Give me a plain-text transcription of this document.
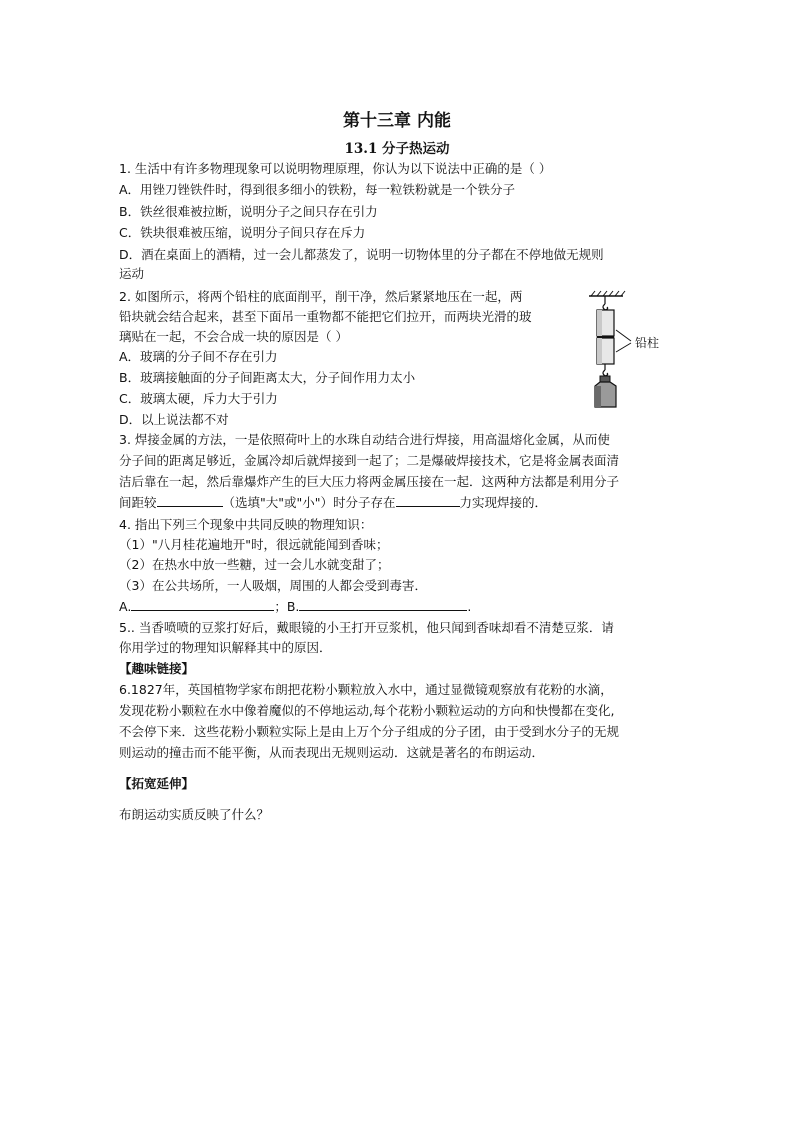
第十三章 内能
13.1 分子热运动
1. 生活中有许多物理现象可以说明物理原理，你认为以下说法中正确的是（ ）
A．用锉刀锉铁件时，得到很多细小的铁粉，每一粒铁粉就是一个铁分子
B．铁丝很难被拉断，说明分子之间只存在引力
C．铁块很难被压缩，说明分子间只存在斥力
D．酒在桌面上的酒精，过一会儿都蒸发了，说明一切物体里的分子都在不停地做无规则
运动
2. 如图所示，将两个铅柱的底面削平，削干净，然后紧紧地压在一起，两
铅块就会结合起来，甚至下面吊一重物都不能把它们拉开，而两块光滑的玻
璃贴在一起，不会合成一块的原因是（ ）
A．玻璃的分子间不存在引力
B．玻璃接触面的分子间距离太大，分子间作用力太小
C．玻璃太硬，斥力大于引力
D．以上说法都不对
铅柱
3. 焊接金属的方法，一是依照荷叶上的水珠自动结合进行焊接，用高温熔化金属，从而使
分子间的距离足够近，金属冷却后就焊接到一起了；二是爆破焊接技术，它是将金属表面清
洁后靠在一起，然后靠爆炸产生的巨大压力将两金属压接在一起．这两种方法都是利用分子
间距较	（选填"大"或"小"）时分子存在	力实现焊接的．
4. 指出下列三个现象中共同反映的物理知识：
（1）"八月桂花遍地开"时，很远就能闻到香味；
（2）在热水中放一些糖，过一会儿水就变甜了；
（3）在公共场所，一人吸烟，周围的人都会受到毒害．
A.	；B.	.
5.. 当香喷喷的豆浆打好后，戴眼镜的小王打开豆浆机，他只闻到香味却看不清楚豆浆．请
你用学过的物理知识解释其中的原因．
【趣味链接】
6.1827年，英国植物学家布朗把花粉小颗粒放入水中，通过显微镜观察放有花粉的水滴，
发现花粉小颗粒在水中像着魔似的不停地运动,每个花粉小颗粒运动的方向和快慢都在变化,
不会停下来．这些花粉小颗粒实际上是由上万个分子组成的分子团，由于受到水分子的无规
则运动的撞击而不能平衡，从而表现出无规则运动．这就是著名的布朗运动．
【拓宽延伸】
布朗运动实质反映了什么？
